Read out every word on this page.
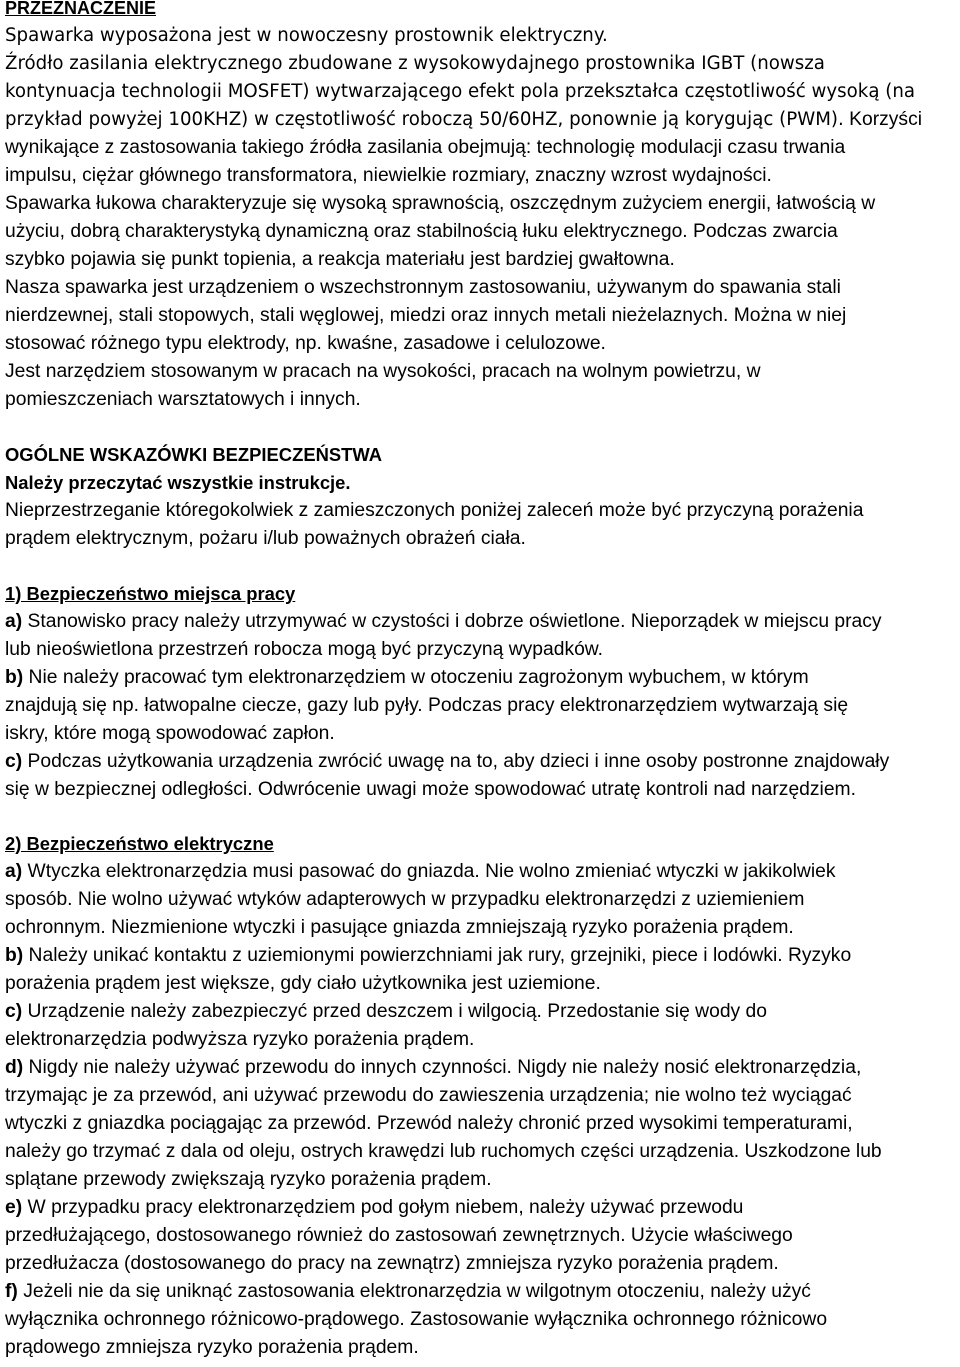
PRZEZNACZENIE
Spawarka wyposażona jest w nowoczesny prostownik elektryczny.
Źródło zasilania elektrycznego zbudowane z wysokowydajnego prostownika IGBT (nowsza
kontynuacja technologii MOSFET) wytwarzającego efekt pola przekształca częstotliwość wysoką (na
przykład powyżej 100KHZ) w częstotliwość roboczą 50/60HZ, ponownie ją korygując (PWM). Korzyści
wynikające z zastosowania takiego źródła zasilania obejmują: technologię modulacji czasu trwania
impulsu, ciężar głównego transformatora, niewielkie rozmiary, znaczny wzrost wydajności.
Spawarka łukowa charakteryzuje się wysoką sprawnością, oszczędnym zużyciem energii, łatwością w
użyciu, dobrą charakterystyką dynamiczną oraz stabilnością łuku elektrycznego. Podczas zwarcia
szybko pojawia się punkt topienia, a reakcja materiału jest bardziej gwałtowna.
Nasza spawarka jest urządzeniem o wszechstronnym zastosowaniu, używanym do spawania stali
nierdzewnej, stali stopowych, stali węglowej, miedzi oraz innych metali nieżelaznych. Można w niej
stosować różnego typu elektrody, np. kwaśne, zasadowe i celulozowe.
Jest narzędziem stosowanym w pracach na wysokości, pracach na wolnym powietrzu, w
pomieszczeniach warsztatowych i innych.
OGÓLNE WSKAZÓWKI BEZPIECZEŃSTWA
Należy przeczytać wszystkie instrukcje.
Nieprzestrzeganie któregokolwiek z zamieszczonych poniżej zaleceń może być przyczyną porażenia
prądem elektrycznym, pożaru i/lub poważnych obrażeń ciała.
1) Bezpieczeństwo miejsca pracy
a) Stanowisko pracy należy utrzymywać w czystości i dobrze oświetlone. Nieporządek w miejscu pracy
lub nieoświetlona przestrzeń robocza mogą być przyczyną wypadków.
b) Nie należy pracować tym elektronarzędziem w otoczeniu zagrożonym wybuchem, w którym
znajdują się np. łatwopalne ciecze, gazy lub pyły. Podczas pracy elektronarzędziem wytwarzają się
iskry, które mogą spowodować zapłon.
c) Podczas użytkowania urządzenia zwrócić uwagę na to, aby dzieci i inne osoby postronne znajdowały
się w bezpiecznej odległości. Odwrócenie uwagi może spowodować utratę kontroli nad narzędziem.
2) Bezpieczeństwo elektryczne
a) Wtyczka elektronarzędzia musi pasować do gniazda. Nie wolno zmieniać wtyczki w jakikolwiek
sposób. Nie wolno używać wtyków adapterowych w przypadku elektronarzędzi z uziemieniem
ochronnym. Niezmienione wtyczki i pasujące gniazda zmniejszają ryzyko porażenia prądem.
b) Należy unikać kontaktu z uziemionymi powierzchniami jak rury, grzejniki, piece i lodówki. Ryzyko
porażenia prądem jest większe, gdy ciało użytkownika jest uziemione.
c) Urządzenie należy zabezpieczyć przed deszczem i wilgocią. Przedostanie się wody do
elektronarzędzia podwyższa ryzyko porażenia prądem.
d) Nigdy nie należy używać przewodu do innych czynności. Nigdy nie należy nosić elektronarzędzia,
trzymając je za przewód, ani używać przewodu do zawieszenia urządzenia; nie wolno też wyciągać
wtyczki z gniazdka pociągając za przewód. Przewód należy chronić przed wysokimi temperaturami,
należy go trzymać z dala od oleju, ostrych krawędzi lub ruchomych części urządzenia. Uszkodzone lub
splątane przewody zwiększają ryzyko porażenia prądem.
e) W przypadku pracy elektronarzędziem pod gołym niebem, należy używać przewodu
przedłużającego, dostosowanego również do zastosowań zewnętrznych. Użycie właściwego
przedłużacza (dostosowanego do pracy na zewnątrz) zmniejsza ryzyko porażenia prądem.
f) Jeżeli nie da się uniknąć zastosowania elektronarzędzia w wilgotnym otoczeniu, należy użyć
wyłącznika ochronnego różnicowo-prądowego. Zastosowanie wyłącznika ochronnego różnicowo
prądowego zmniejsza ryzyko porażenia prądem.
